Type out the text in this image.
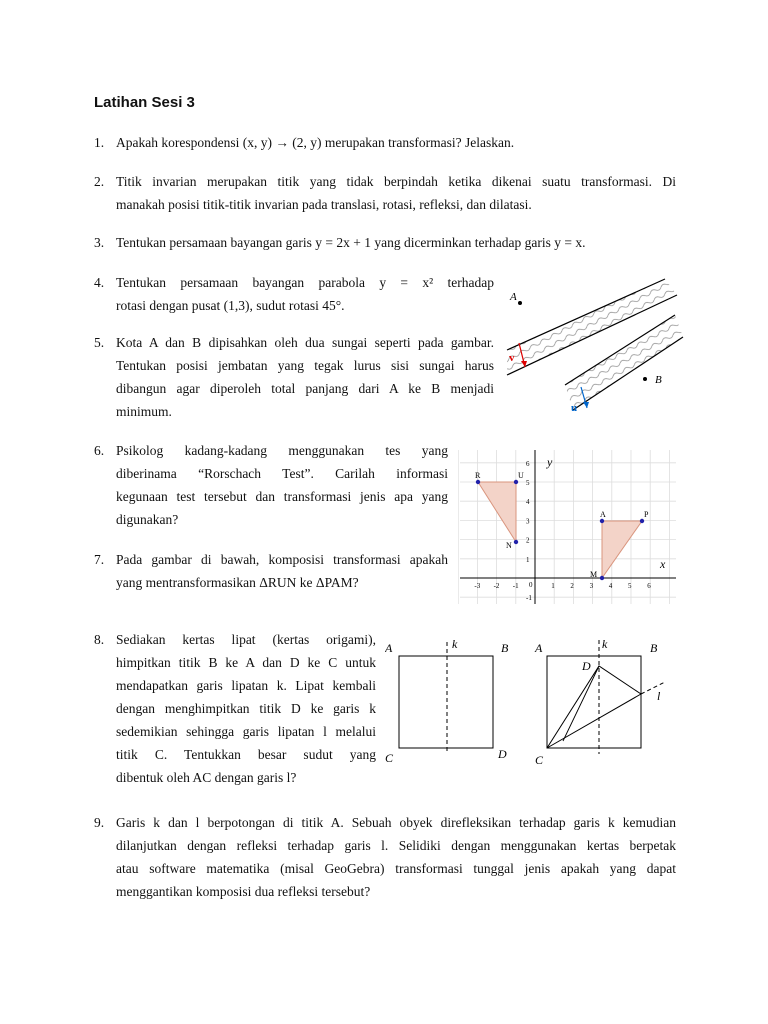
Latihan Sesi 3
1. Apakah korespondensi (x, y) → (2, y) merupakan transformasi? Jelaskan.
2. Titik invarian merupakan titik yang tidak berpindah ketika dikenai suatu transformasi. Di
manakah posisi titik-titik invarian pada translasi, rotasi, refleksi, dan dilatasi.
3. Tentukan persamaan bayangan garis y = 2x + 1 yang dicerminkan terhadap garis y = x.
4. Tentukan persamaan bayangan parabola y = x² terhadap
rotasi dengan pusat (1,3), sudut rotasi 45°.
5. Kota A dan B dipisahkan oleh dua sungai seperti pada gambar.
Tentukan posisi jembatan yang tegak lurus sisi sungai harus
dibangun agar diperoleh total panjang dari A ke B menjadi
minimum.
6. Psikolog kadang-kadang menggunakan tes yang
diberinama “Rorschach Test”. Carilah informasi
kegunaan test tersebut dan transformasi jenis apa yang
digunakan?
7. Pada gambar di bawah, komposisi transformasi apakah
yang mentransformasikan ΔRUN ke ΔPAM?
8. Sediakan kertas lipat (kertas origami),
himpitkan titik B ke A dan D ke C untuk
mendapatkan garis lipatan k. Lipat kembali
dengan menghimpitkan titik D ke garis k
sedemikian sehingga garis lipatan l melalui
titik C. Tentukkan besar sudut yang
dibentuk oleh AC dengan garis l?
9. Garis k dan l berpotongan di titik A. Sebuah obyek direfleksikan terhadap garis k kemudian
dilanjutkan dengan refleksi terhadap garis l. Selidiki dengan menggunakan kertas berpetak
atau software matematika (misal GeoGebra) transformasi tunggal jenis apakah yang dapat
menggantikan komposisi dua refleksi tersebut?
v
u
A
B
-3 -2 -1	1 2 3 4 5 6
6
5
4
3
2
1
-1
R	U
N
A	P
M
x
y
0
A	B
C	D
k	A	B
C
D
k
l
